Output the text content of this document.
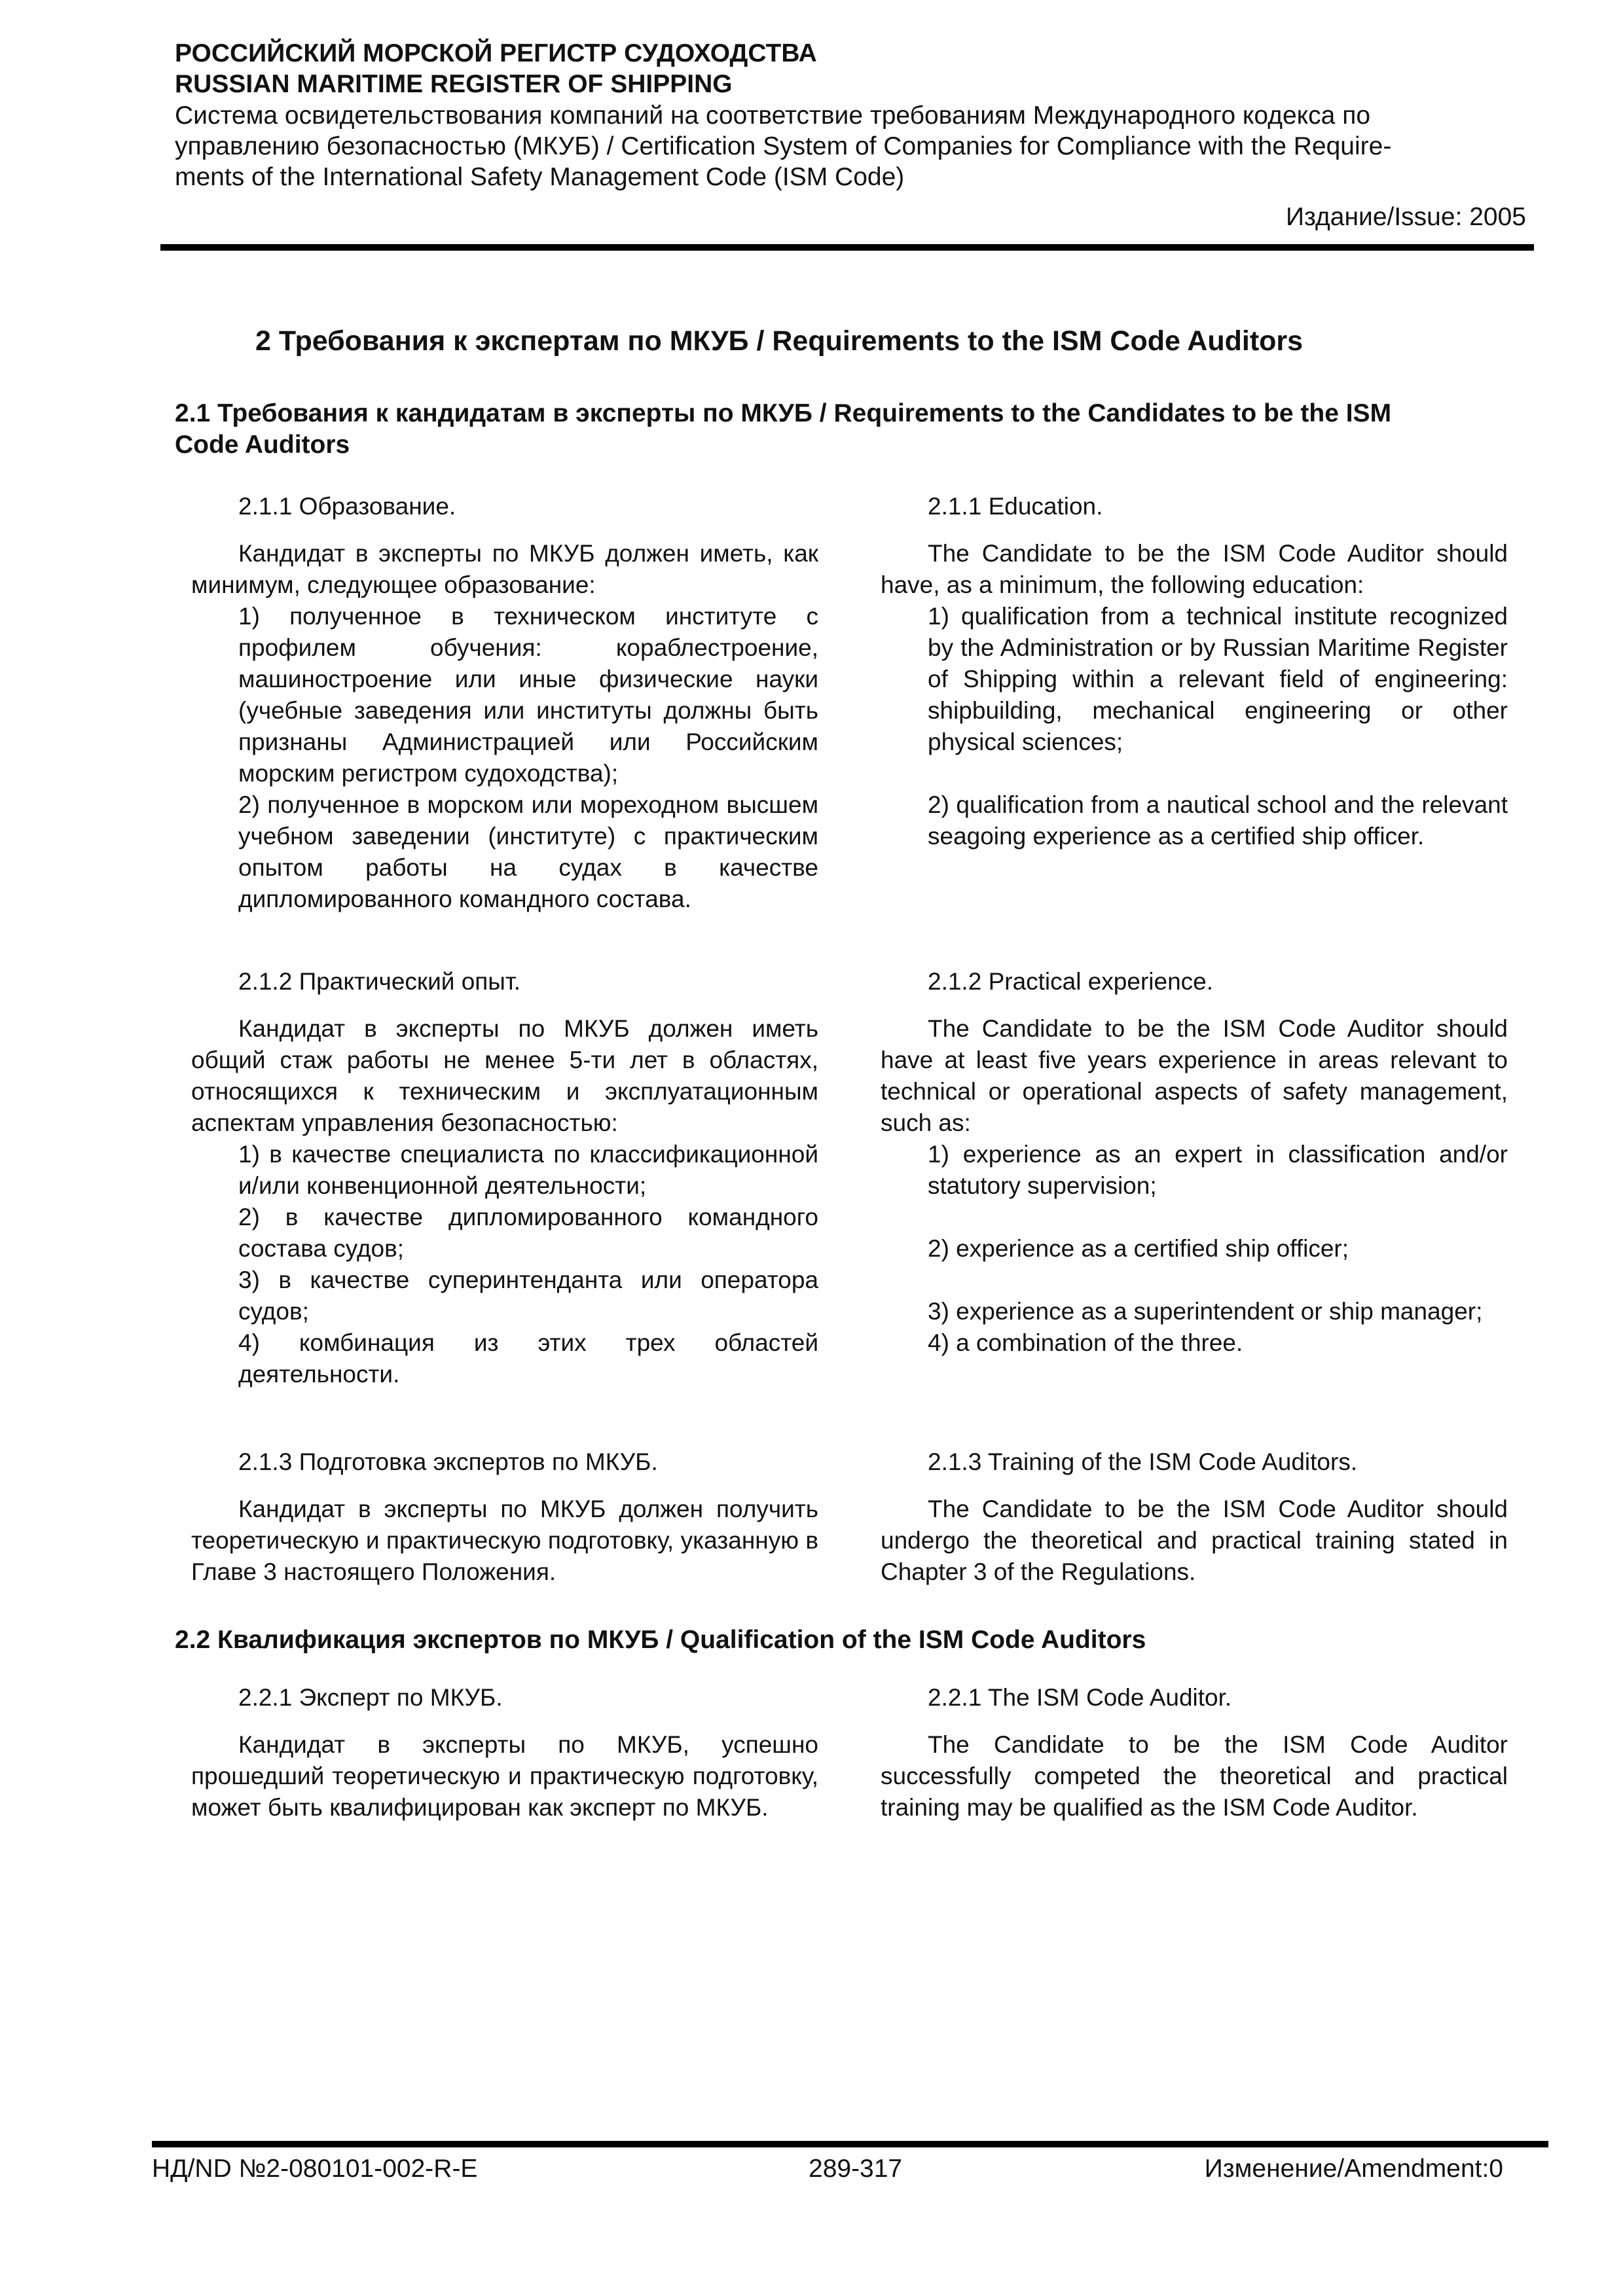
РОССИЙСКИЙ МОРСКОЙ РЕГИСТР СУДОХОДСТВА

RUSSIAN MARITIME REGISTER OF SHIPPING

Система освидетельствования компаний на соответствие требованиям Международного кодекса по
управлению безопасностью (МКУБ) / Certification System of Companies for Compliance with the Require-
ments of the International Safety Management Code (ISM Code)
Издание/Issue: 2005
2 Требования к экспертам по МКУБ / Requirements to the ISM Code Auditors
2.1 Требования к кандидатам в эксперты по МКУБ / Requirements to the Candidates to be the ISM
Code Auditors

2.1.1 Образование.

Кандидат в эксперты по МКУБ должен иметь, как минимум, следующее образование:

1) полученное в техническом институте с профилем обучения: кораблестроение, машиностроение или иные физические науки (учебные заведения или институты должны быть признаны Администрацией или Российским морским регистром судоходства);

2) полученное в морском или мореходном высшем учебном заведении (институте) с практическим опытом работы на судах в качестве дипломированного командного состава.

2.1.1 Education.

The Candidate to be the ISM Code Auditor should have, as a minimum, the following education:

1) qualification from a technical institute recognized by the Administration or by Russian Maritime Register of Shipping within a relevant field of engineering: shipbuilding, mechanical engineering or other physical sciences;

2) qualification from a nautical school and the relevant seagoing experience as a certified ship officer.

2.1.2 Практический опыт.

Кандидат в эксперты по МКУБ должен иметь общий стаж работы не менее 5-ти лет в областях, относящихся к техническим и эксплуатационным аспектам управления безопасностью:

1) в качестве специалиста по классификационной и/или конвенционной деятельности;

2) в качестве дипломированного командного состава судов;

3) в качестве суперинтенданта или оператора судов;

4) комбинация из этих трех областей деятельности.

2.1.2 Practical experience.

The Candidate to be the ISM Code Auditor should have at least five years experience in areas relevant to technical or operational aspects of safety management, such as:

1) experience as an expert in classification and/or statutory supervision;

2) experience as a certified ship officer;

3) experience as a superintendent or ship manager;

4) a combination of the three.

2.1.3 Подготовка экспертов по МКУБ.

Кандидат в эксперты по МКУБ должен получить теоретическую и практическую подготовку, указанную в Главе 3 настоящего Положения.

2.1.3 Training of the ISM Code Auditors.

The Candidate to be the ISM Code Auditor should undergo the theoretical and practical training stated in Chapter 3 of the Regulations.

2.2 Квалификация экспертов по МКУБ / Qualification of the ISM Code Auditors

2.2.1 Эксперт по МКУБ.

Кандидат в эксперты по МКУБ, успешно прошедший теоретическую и практическую подготовку, может быть квалифицирован как эксперт по МКУБ.

2.2.1 The ISM Code Auditor.

The Candidate to be the ISM Code Auditor successfully competed the theoretical and practical training may be qualified as the ISM Code Auditor.

НД/ND №2-080101-002-R-E	289-317	Изменение/Amendment:0
